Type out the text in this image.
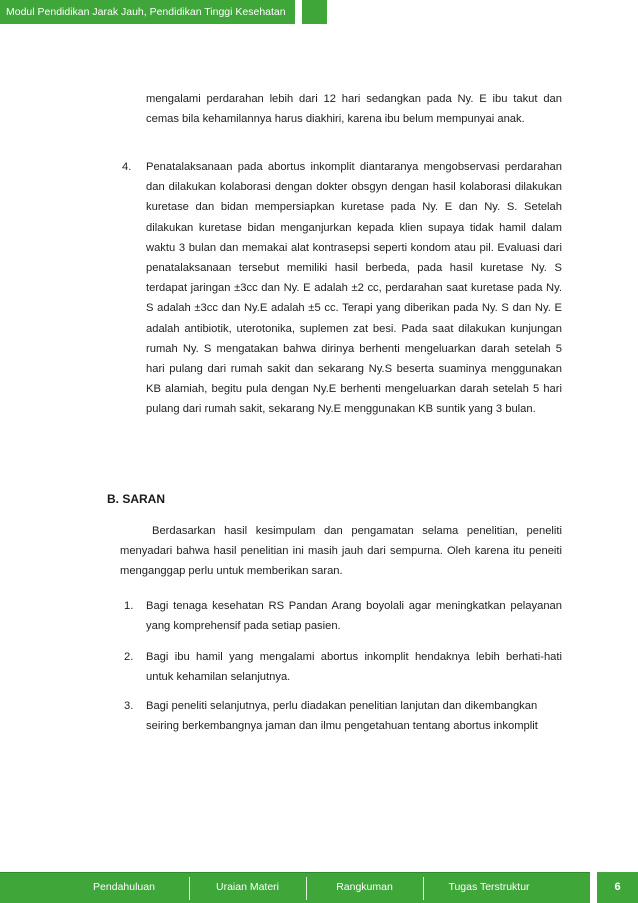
Modul Pendidikan Jarak Jauh, Pendidikan Tinggi Kesehatan

mengalami perdarahan lebih dari 12 hari sedangkan pada Ny. E ibu takut dan cemas bila kehamilannya harus diakhiri, karena ibu belum mempunyai anak.

4. Penatalaksanaan pada abortus inkomplit diantaranya mengobservasi perdarahan dan dilakukan kolaborasi dengan dokter obsgyn dengan hasil kolaborasi dilakukan kuretase dan bidan mempersiapkan kuretase pada Ny. E dan Ny. S. Setelah dilakukan kuretase bidan menganjurkan kepada klien supaya tidak hamil dalam waktu 3 bulan dan memakai alat kontrasepsi seperti kondom atau pil. Evaluasi dari penatalaksanaan tersebut memiliki hasil berbeda, pada hasil kuretase Ny. S terdapat jaringan ±3cc dan Ny. E adalah ±2 cc, perdarahan saat kuretase pada Ny. S adalah ±3cc dan Ny.E adalah ±5 cc. Terapi yang diberikan pada Ny. S dan Ny. E adalah antibiotik, uterotonika, suplemen zat besi. Pada saat dilakukan kunjungan rumah Ny. S mengatakan bahwa dirinya berhenti mengeluarkan darah setelah 5 hari pulang dari rumah sakit dan sekarang Ny.S beserta suaminya menggunakan KB alamiah, begitu pula dengan Ny.E berhenti mengeluarkan darah setelah 5 hari pulang dari rumah sakit, sekarang Ny.E menggunakan KB suntik yang 3 bulan.

B. SARAN

Berdasarkan hasil kesimpulam dan pengamatan selama penelitian, peneliti menyadari bahwa hasil penelitian ini masih jauh dari sempurna. Oleh karena itu peneiti menganggap perlu untuk memberikan saran.

1. Bagi tenaga kesehatan RS Pandan Arang boyolali agar meningkatkan pelayanan yang komprehensif pada setiap pasien.

2. Bagi ibu hamil yang mengalami abortus inkomplit hendaknya lebih berhati-hati untuk kehamilan selanjutnya.

3. Bagi peneliti selanjutnya, perlu diadakan penelitian lanjutan dan dikembangkan seiring berkembangnya jaman dan ilmu pengetahuan tentang abortus inkomplit

Pendahuluan	Uraian Materi	Rangkuman	Tugas Terstruktur	6
